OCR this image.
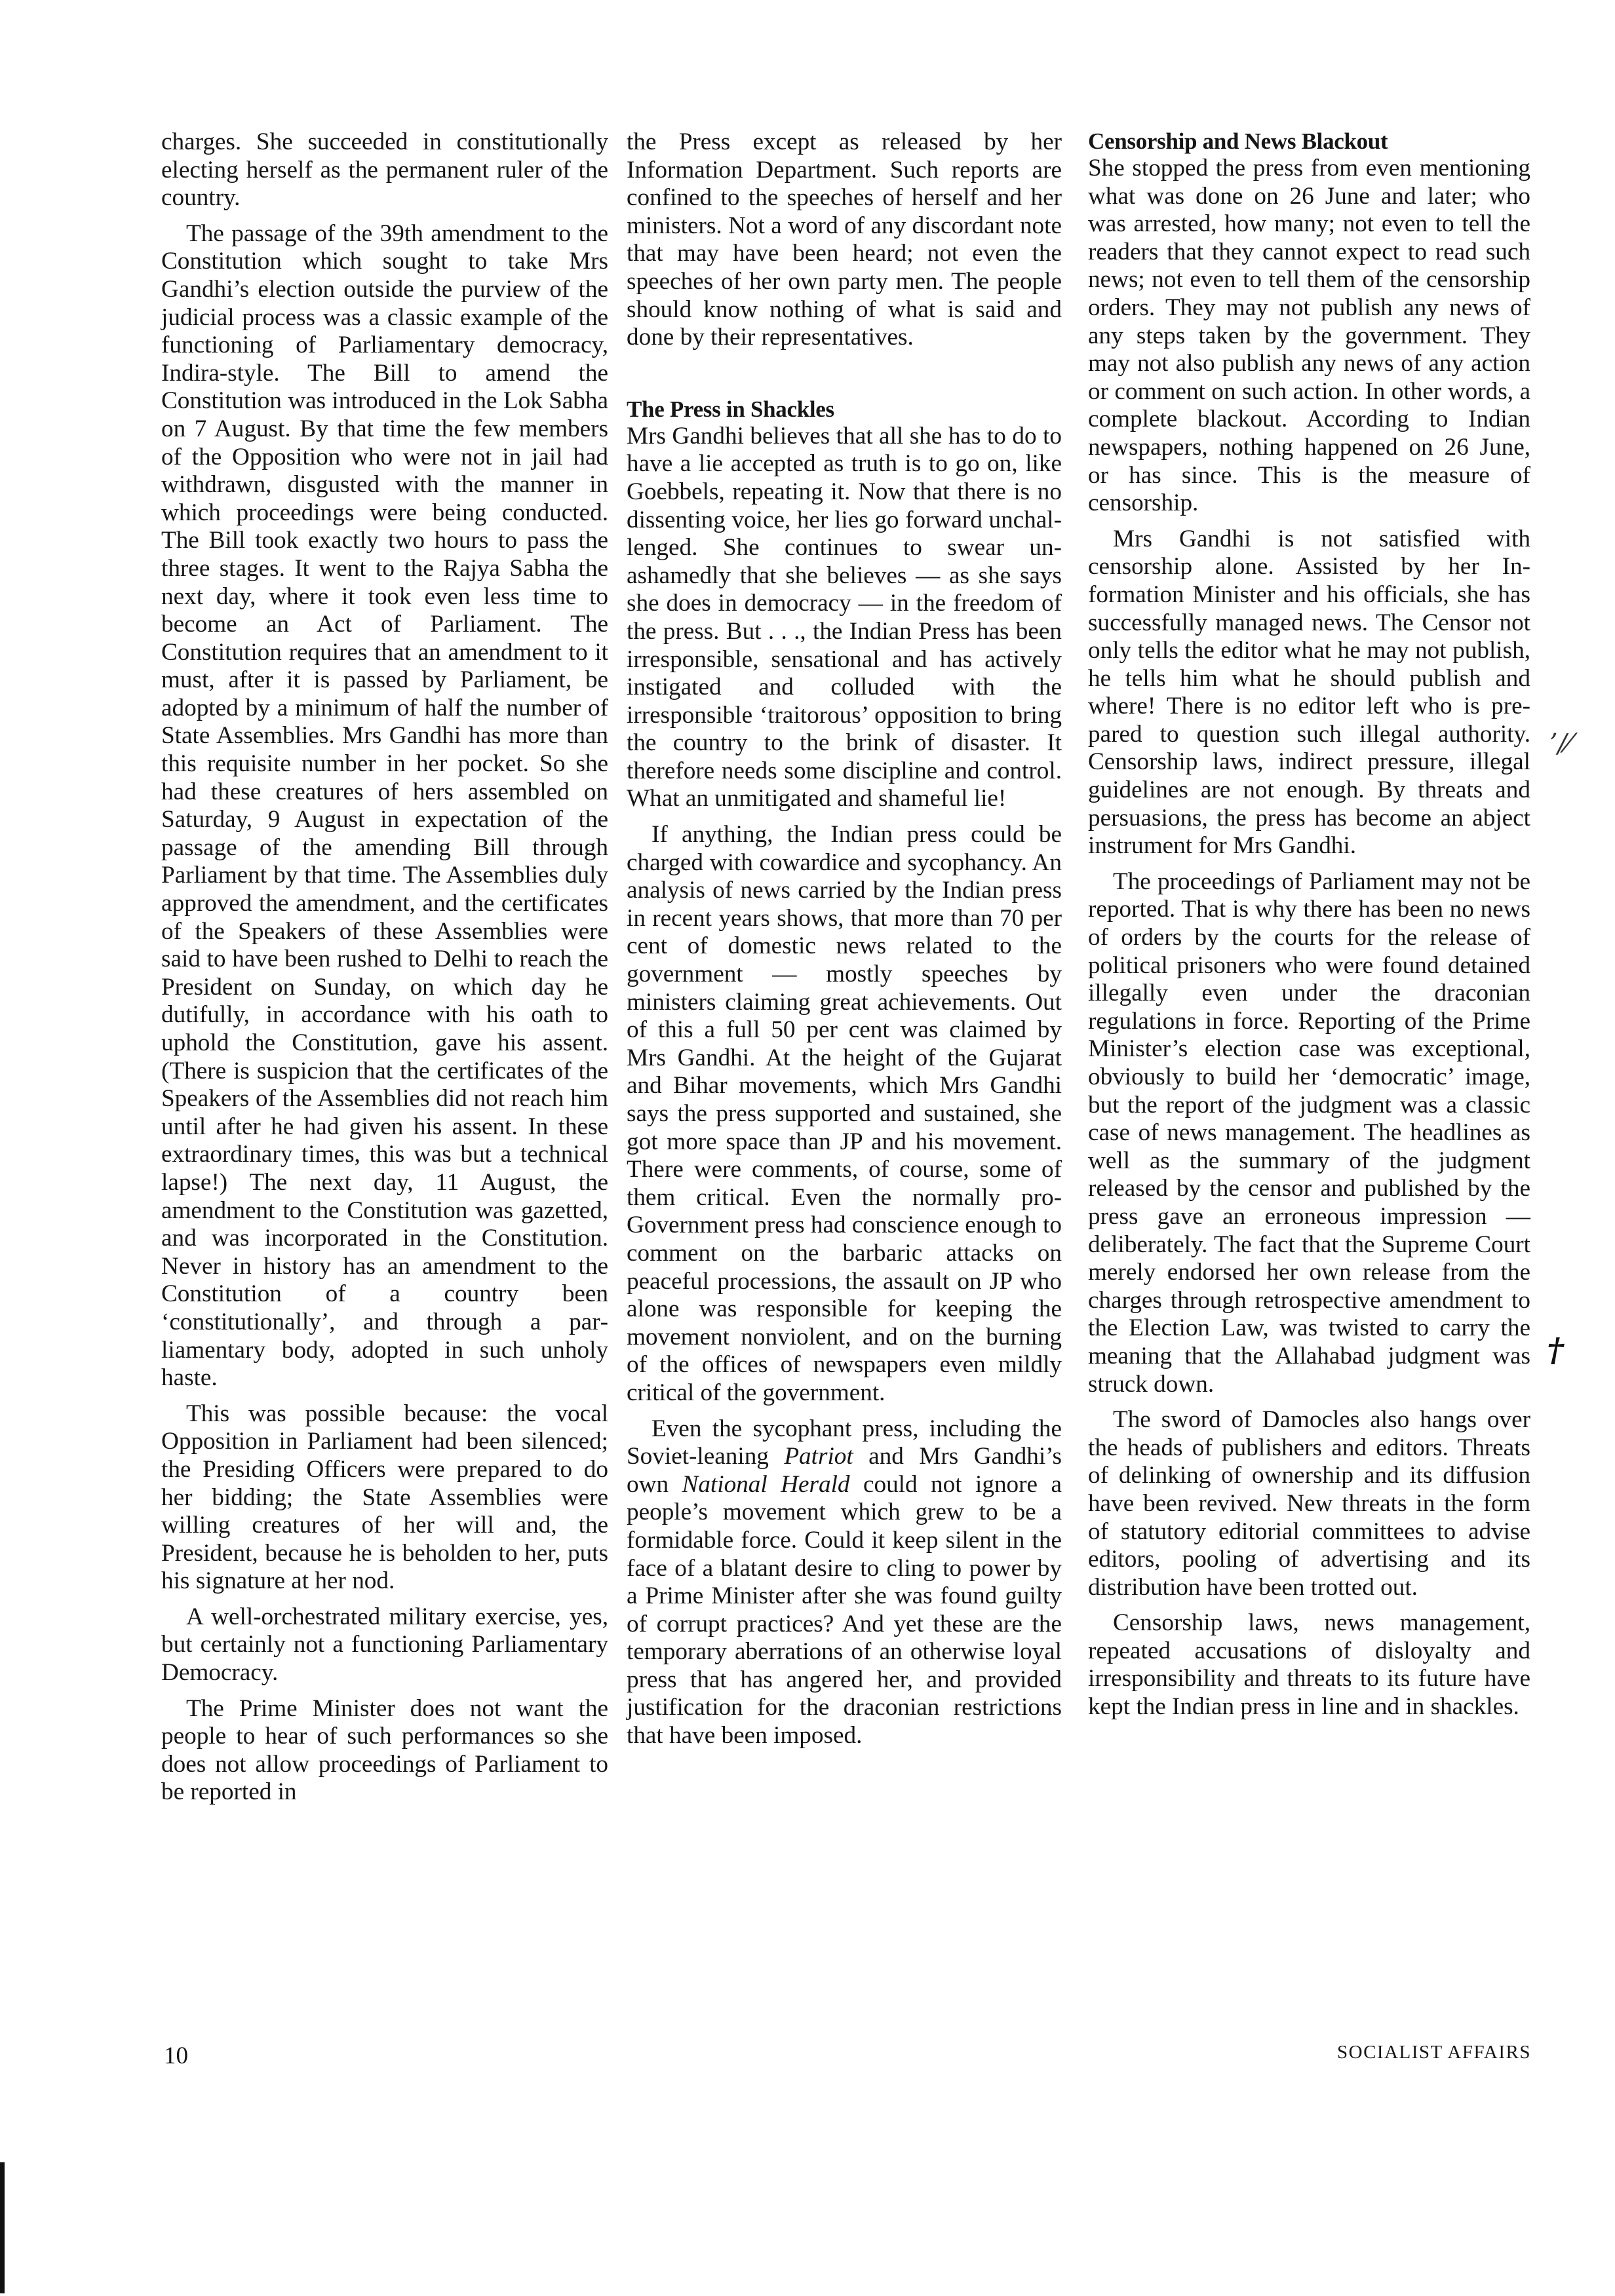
charges. She succeeded in constitutionally electing herself as the permanent ruler of the country.

The passage of the 39th amendment to the Constitution which sought to take Mrs Gandhi’s election outside the purview of the judicial process was a classic example of the functioning of Parliamentary democracy, Indira-style. The Bill to amend the Constitution was introduced in the Lok Sabha on 7 August. By that time the few members of the Opposition who were not in jail had withdrawn, disgusted with the manner in which proceedings were being conducted. The Bill took exactly two hours to pass the three stages. It went to the Rajya Sabha the next day, where it took even less time to become an Act of Parliament. The Constitution requires that an amendment to it must, after it is passed by Parliament, be adopted by a minimum of half the number of State Assemblies. Mrs Gandhi has more than this requisite number in her pocket. So she had these creatures of hers assembled on Saturday, 9 August in expectation of the passage of the amending Bill through Parliament by that time. The Assemblies duly approved the amendment, and the certificates of the Speakers of these Assemblies were said to have been rushed to Delhi to reach the President on Sunday, on which day he dutifully, in accordance with his oath to uphold the Constitution, gave his assent. (There is suspicion that the certificates of the Speakers of the Assemblies did not reach him until after he had given his assent. In these extraordinary times, this was but a technical lapse!) The next day, 11 August, the amendment to the Constitution was gazetted, and was incorporated in the Constitution. Never in history has an amendment to the Constitution of a country been ‘constitutionally’, and through a parliamentary body, adopted in such unholy haste.

This was possible because: the vocal Opposition in Parliament had been silenced; the Presiding Officers were prepared to do her bidding; the State Assemblies were willing creatures of her will and, the President, because he is beholden to her, puts his signature at her nod.

A well-orchestrated military exercise, yes, but certainly not a functioning Parliamentary Democracy.

The Prime Minister does not want the people to hear of such performances so she does not allow proceedings of Parliament to be reported in

the Press except as released by her Information Department. Such reports are confined to the speeches of herself and her ministers. Not a word of any discordant note that may have been heard; not even the speeches of her own party men. The people should know nothing of what is said and done by their representatives.

The Press in Shackles

Mrs Gandhi believes that all she has to do to have a lie accepted as truth is to go on, like Goebbels, repeating it. Now that there is no dissenting voice, her lies go forward unchallenged. She continues to swear unashamedly that she believes — as she says she does in democracy — in the freedom of the press. But . . ., the Indian Press has been irresponsible, sensational and has actively instigated and colluded with the irresponsible ‘traitorous’ opposition to bring the country to the brink of disaster. It therefore needs some discipline and control. What an unmitigated and shameful lie!

If anything, the Indian press could be charged with cowardice and sycophancy. An analysis of news carried by the Indian press in recent years shows, that more than 70 per cent of domestic news related to the government — mostly speeches by ministers claiming great achievements. Out of this a full 50 per cent was claimed by Mrs Gandhi. At the height of the Gujarat and Bihar movements, which Mrs Gandhi says the press supported and sustained, she got more space than JP and his movement. There were comments, of course, some of them critical. Even the normally pro-Government press had conscience enough to comment on the barbaric attacks on peaceful processions, the assault on JP who alone was responsible for keeping the movement nonviolent, and on the burning of the offices of newspapers even mildly critical of the government.

Even the sycophant press, including the Soviet-leaning Patriot and Mrs Gandhi’s own National Herald could not ignore a people’s movement which grew to be a formidable force. Could it keep silent in the face of a blatant desire to cling to power by a Prime Minister after she was found guilty of corrupt practices? And yet these are the temporary aberrations of an otherwise loyal press that has angered her, and provided justification for the draconian restrictions that have been imposed.

Censorship and News Blackout

She stopped the press from even mentioning what was done on 26 June and later; who was arrested, how many; not even to tell the readers that they cannot expect to read such news; not even to tell them of the censorship orders. They may not publish any news of any steps taken by the government. They may not also publish any news of any action or comment on such action. In other words, a complete blackout. According to Indian newspapers, nothing happened on 26 June, or has since. This is the measure of censorship.

Mrs Gandhi is not satisfied with censorship alone. Assisted by her Information Minister and his officials, she has successfully managed news. The Censor not only tells the editor what he may not publish, he tells him what he should publish and where! There is no editor left who is prepared to question such illegal authority. Censorship laws, indirect pressure, illegal guidelines are not enough. By threats and persuasions, the press has become an abject instrument for Mrs Gandhi.

The proceedings of Parliament may not be reported. That is why there has been no news of orders by the courts for the release of political prisoners who were found detained illegally even under the draconian regulations in force. Reporting of the Prime Minister’s election case was exceptional, obviously to build her ‘democratic’ image, but the report of the judgment was a classic case of news management. The headlines as well as the summary of the judgment released by the censor and published by the press gave an erroneous impression — deliberately. The fact that the Supreme Court merely endorsed her own release from the charges through retrospective amendment to the Election Law, was twisted to carry the meaning that the Allahabad judgment was struck down.

The sword of Damocles also hangs over the heads of publishers and editors. Threats of delinking of ownership and its diffusion have been revived. New threats in the form of statutory editorial committees to advise editors, pooling of advertising and its distribution have been trotted out.

Censorship laws, news management, repeated accusations of disloyalty and irresponsibility and threats to its future have kept the Indian press in line and in shackles.

10	SOCIALIST AFFAIRS
’∕⁄
†
